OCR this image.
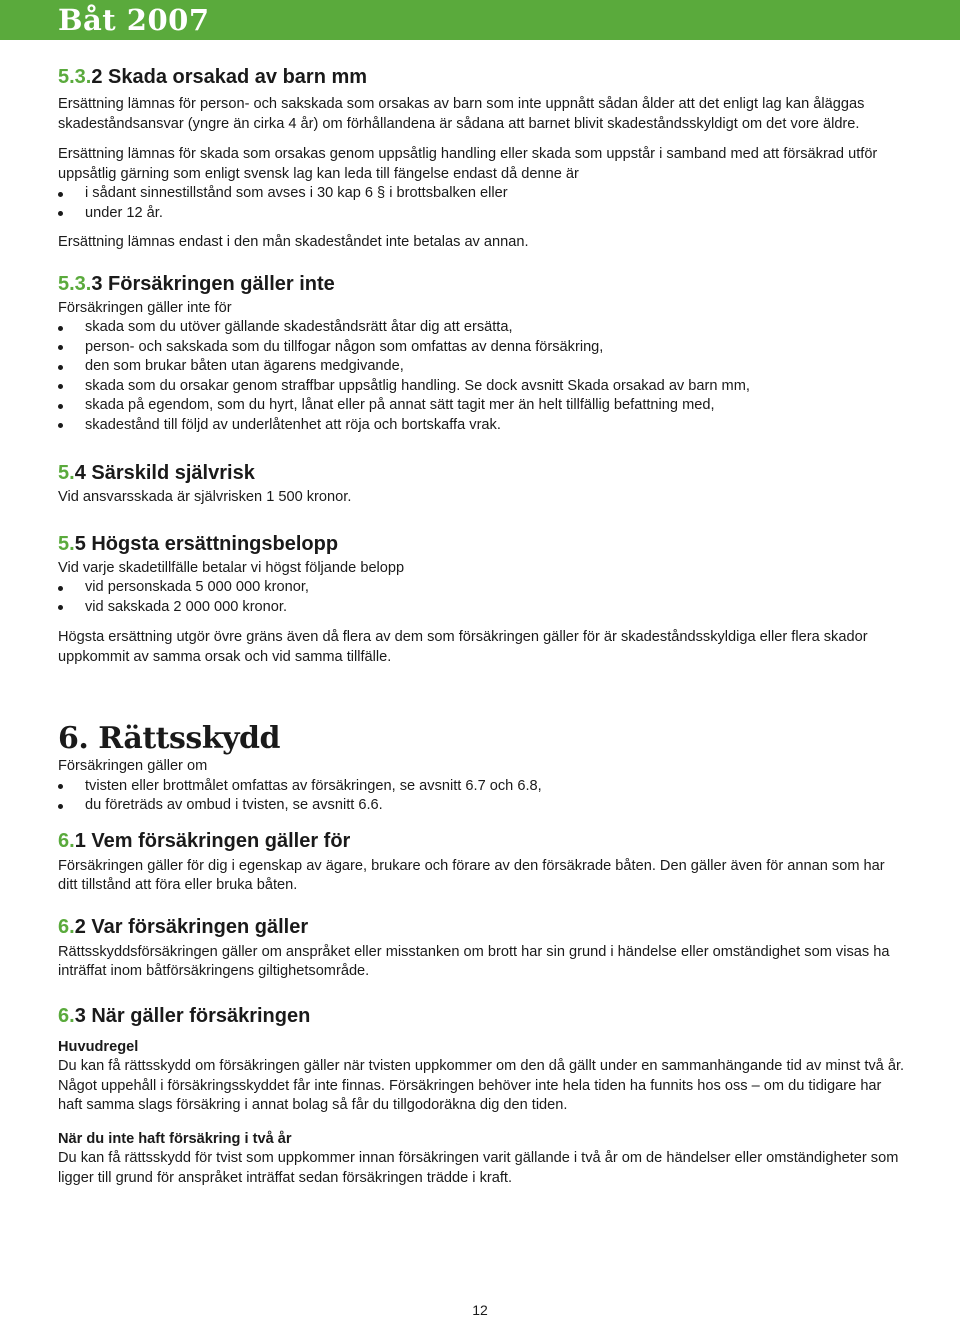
Båt 2007
5.3.2 Skada orsakad av barn mm

Ersättning lämnas för person- och sakskada som orsakas av barn som inte uppnått sådan ålder att det enligt lag kan åläggas skadeståndsansvar (yngre än cirka 4 år) om förhållandena är sådana att barnet blivit skadeståndsskyldigt om det vore äldre.

Ersättning lämnas för skada som orsakas genom uppsåtlig handling eller skada som uppstår i samband med att försäkrad utför uppsåtlig gärning som enligt svensk lag kan leda till fängelse endast då denne är

i sådant sinnestillstånd som avses i 30 kap 6 § i brottsbalken eller
under 12 år.

Ersättning lämnas endast i den mån skadeståndet inte betalas av annan.

5.3.3 Försäkringen gäller inte

Försäkringen gäller inte för

skada som du utöver gällande skadeståndsrätt åtar dig att ersätta,
person- och sakskada som du tillfogar någon som omfattas av denna försäkring,
den som brukar båten utan ägarens medgivande,
skada som du orsakar genom straffbar uppsåtlig handling. Se dock avsnitt Skada orsakad av barn mm,
skada på egendom, som du hyrt, lånat eller på annat sätt tagit mer än helt tillfällig befattning med,
skadestånd till följd av underlåtenhet att röja och bortskaffa vrak.
5.4 Särskild självrisk

Vid ansvarsskada är självrisken 1 500 kronor.

5.5 Högsta ersättningsbelopp

Vid varje skadetillfälle betalar vi högst följande belopp

vid personskada 5 000 000 kronor,
vid sakskada 2 000 000 kronor.

Högsta ersättning utgör övre gräns även då flera av dem som försäkringen gäller för är skadeståndsskyldiga eller flera skador uppkommit av samma orsak och vid samma tillfälle.

6. Rättsskydd

Försäkringen gäller om

tvisten eller brottmålet omfattas av försäkringen, se avsnitt 6.7 och 6.8,
du företräds av ombud i tvisten, se avsnitt 6.6.
6.1 Vem försäkringen gäller för

Försäkringen gäller för dig i egenskap av ägare, brukare och förare av den försäkrade båten. Den gäller även för annan som har ditt tillstånd att föra eller bruka båten.

6.2 Var försäkringen gäller

Rättsskyddsförsäkringen gäller om anspråket eller misstanken om brott har sin grund i händelse eller omständighet som visas ha inträffat inom båtförsäkringens giltighetsområde.

6.3 När gäller försäkringen

Huvudregel

Du kan få rättsskydd om försäkringen gäller när tvisten uppkommer om den då gällt under en sammanhängande tid av minst två år. Något uppehåll i försäkringsskyddet får inte finnas. Försäkringen behöver inte hela tiden ha funnits hos oss – om du tidigare har haft samma slags försäkring i annat bolag så får du tillgodoräkna dig den tiden.

När du inte haft försäkring i två år

Du kan få rättsskydd för tvist som uppkommer innan försäkringen varit gällande i två år om de händelser eller omständigheter som ligger till grund för anspråket inträffat sedan försäkringen trädde i kraft.

12
